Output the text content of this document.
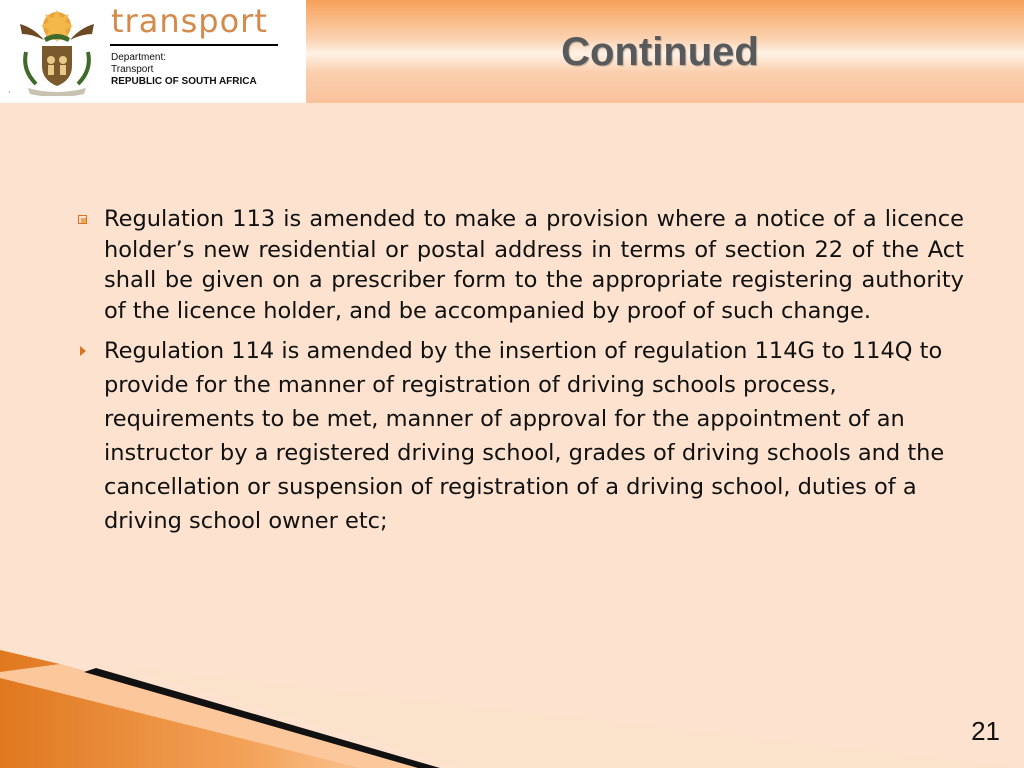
transport
Department:
Transport
REPUBLIC OF SOUTH AFRICA
·
Continued
Regulation 113 is amended to make a provision where a notice of a licence holder’s new residential or postal address in terms of section 22 of the Act shall be given on a prescriber form to the appropriate registering authority of the licence holder, and be accompanied by proof of such change.
Regulation 114 is amended by the insertion of regulation 114G to 114Q to provide for the manner of registration of driving schools process, requirements to be met, manner of approval for the appointment of an instructor by a registered driving school, grades of driving schools and the cancellation or suspension of registration of a driving school, duties of a driving school owner etc;
21
